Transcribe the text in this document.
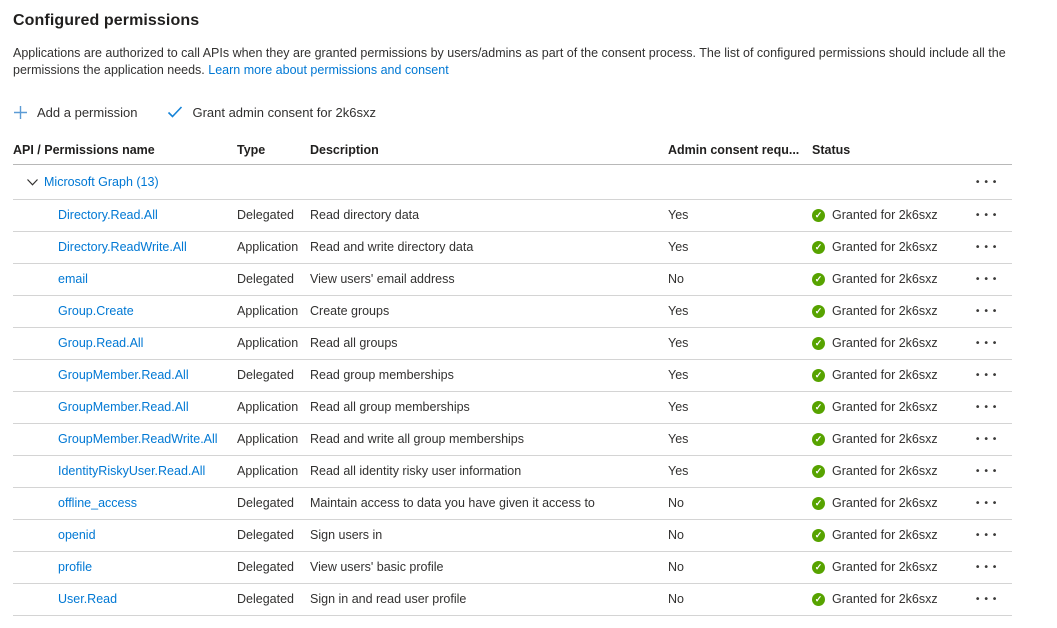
Configured permissions

Applications are authorized to call APIs when they are granted permissions by users/admins as part of the consent process. The list of configured permissions should include all the permissions the application needs. Learn more about permissions and consent

Add a permission	Grant admin consent for 2k6sxz
API / Permissions name	Type	Description	Admin consent requ...	Status	

Microsoft Graph (13)					•••
Directory.Read.All	Delegated	Read directory data	Yes	✓ Granted for 2k6sxz	•••
Directory.ReadWrite.All	Application	Read and write directory data	Yes	✓ Granted for 2k6sxz	•••
email	Delegated	View users' email address	No	✓ Granted for 2k6sxz	•••
Group.Create	Application	Create groups	Yes	✓ Granted for 2k6sxz	•••
Group.Read.All	Application	Read all groups	Yes	✓ Granted for 2k6sxz	•••
GroupMember.Read.All	Delegated	Read group memberships	Yes	✓ Granted for 2k6sxz	•••
GroupMember.Read.All	Application	Read all group memberships	Yes	✓ Granted for 2k6sxz	•••
GroupMember.ReadWrite.All	Application	Read and write all group memberships	Yes	✓ Granted for 2k6sxz	•••
IdentityRiskyUser.Read.All	Application	Read all identity risky user information	Yes	✓ Granted for 2k6sxz	•••
offline_access	Delegated	Maintain access to data you have given it access to	No	✓ Granted for 2k6sxz	•••
openid	Delegated	Sign users in	No	✓ Granted for 2k6sxz	•••
profile	Delegated	View users' basic profile	No	✓ Granted for 2k6sxz	•••
User.Read	Delegated	Sign in and read user profile	No	✓ Granted for 2k6sxz	•••
